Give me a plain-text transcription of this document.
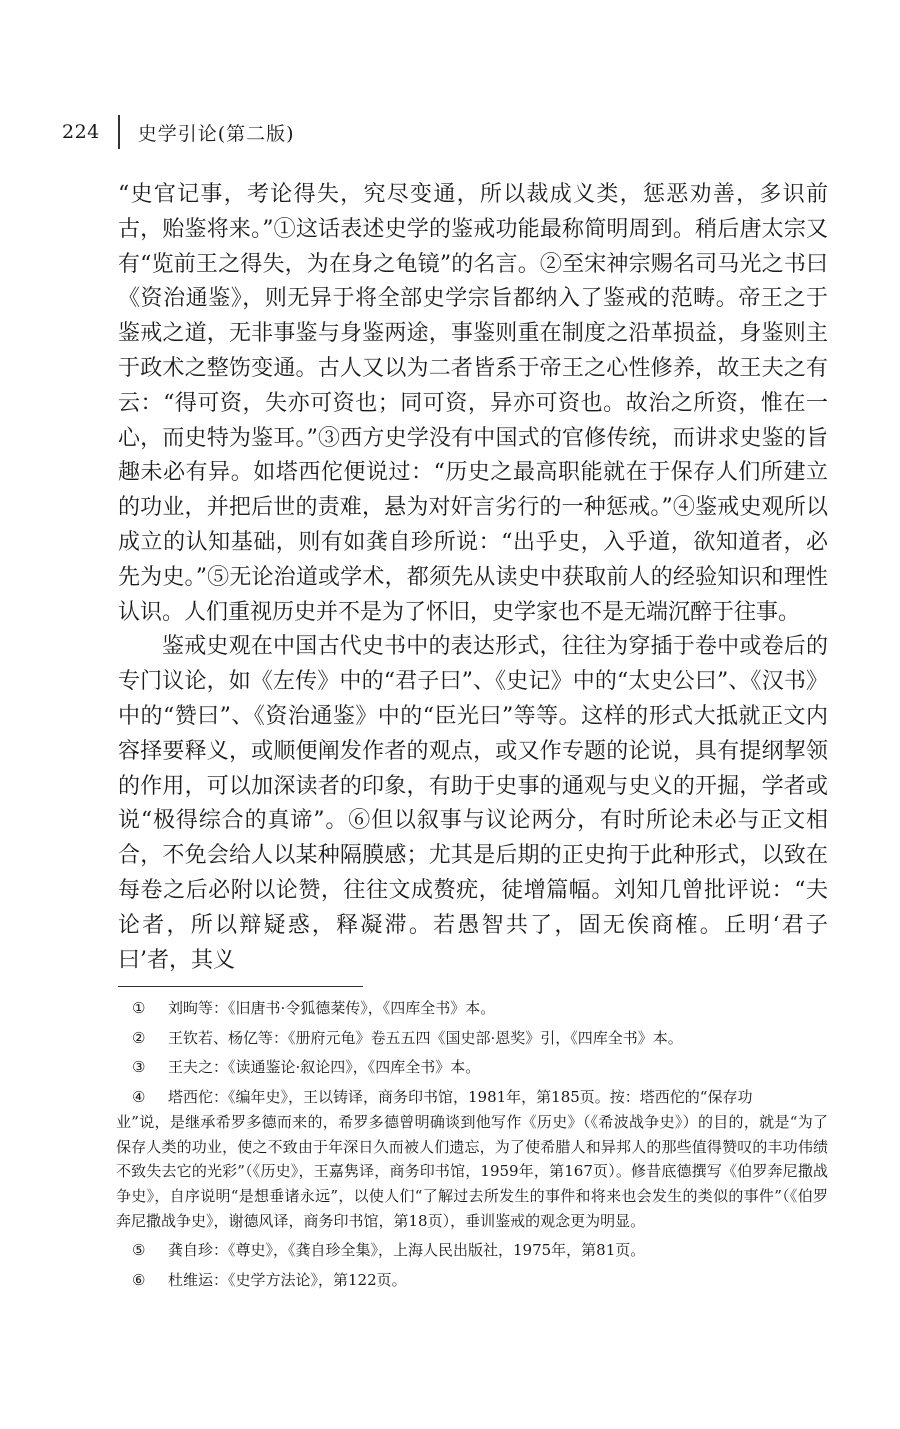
224 史学引论(第二版)

“史官记事，考论得失，究尽变通，所以裁成义类，惩恶劝善，多识前古，贻鉴将来。”①这话表述史学的鉴戒功能最称简明周到。稍后唐太宗又有“览前王之得失，为在身之龟镜”的名言。②至宋神宗赐名司马光之书曰《资治通鉴》，则无异于将全部史学宗旨都纳入了鉴戒的范畴。帝王之于鉴戒之道，无非事鉴与身鉴两途，事鉴则重在制度之沿革损益，身鉴则主于政术之整饬变通。古人又以为二者皆系于帝王之心性修养，故王夫之有云：“得可资，失亦可资也；同可资，异亦可资也。故治之所资，惟在一心，而史特为鉴耳。”③西方史学没有中国式的官修传统，而讲求史鉴的旨趣未必有异。如塔西佗便说过：“历史之最高职能就在于保存人们所建立的功业，并把后世的责难，悬为对奸言劣行的一种惩戒。”④鉴戒史观所以成立的认知基础，则有如龚自珍所说：“出乎史，入乎道，欲知道者，必先为史。”⑤无论治道或学术，都须先从读史中获取前人的经验知识和理性认识。人们重视历史并不是为了怀旧，史学家也不是无端沉醉于往事。

鉴戒史观在中国古代史书中的表达形式，往往为穿插于卷中或卷后的专门议论，如《左传》中的“君子曰”、《史记》中的“太史公曰”、《汉书》中的“赞曰”、《资治通鉴》中的“臣光曰”等等。这样的形式大抵就正文内容择要释义，或顺便阐发作者的观点，或又作专题的论说，具有提纲挈领的作用，可以加深读者的印象，有助于史事的通观与史义的开掘，学者或说“极得综合的真谛”。⑥但以叙事与议论两分，有时所论未必与正文相合，不免会给人以某种隔膜感；尤其是后期的正史拘于此种形式，以致在每卷之后必附以论赞，往往文成赘疣，徒增篇幅。刘知几曾批评说：“夫论者，所以辩疑惑，释凝滞。若愚智共了，固无俟商榷。丘明‘君子曰’者，其义

① 刘昫等：《旧唐书·令狐德棻传》，《四库全书》本。
② 王钦若、杨亿等：《册府元龟》卷五五四《国史部·恩奖》引，《四库全书》本。
③ 王夫之：《读通鉴论·叙论四》，《四库全书》本。
④ 塔西佗：《编年史》，王以铸译，商务印书馆，1981年，第185页。按：塔西佗的“保存功
业”说，是继承希罗多德而来的，希罗多德曾明确谈到他写作《历史》（《希波战争史》）的目的，就是“为了保存人类的功业，使之不致由于年深日久而被人们遗忘，为了使希腊人和异邦人的那些值得赞叹的丰功伟绩不致失去它的光彩”（《历史》，王嘉隽译，商务印书馆，1959年，第167页）。修昔底德撰写《伯罗奔尼撒战争史》，自序说明“是想垂诸永远”，以使人们“了解过去所发生的事件和将来也会发生的类似的事件”（《伯罗奔尼撒战争史》，谢德风译，商务印书馆，第18页），垂训鉴戒的观念更为明显。
⑤ 龚自珍：《尊史》，《龚自珍全集》，上海人民出版社，1975年，第81页。
⑥ 杜维运：《史学方法论》，第122页。
